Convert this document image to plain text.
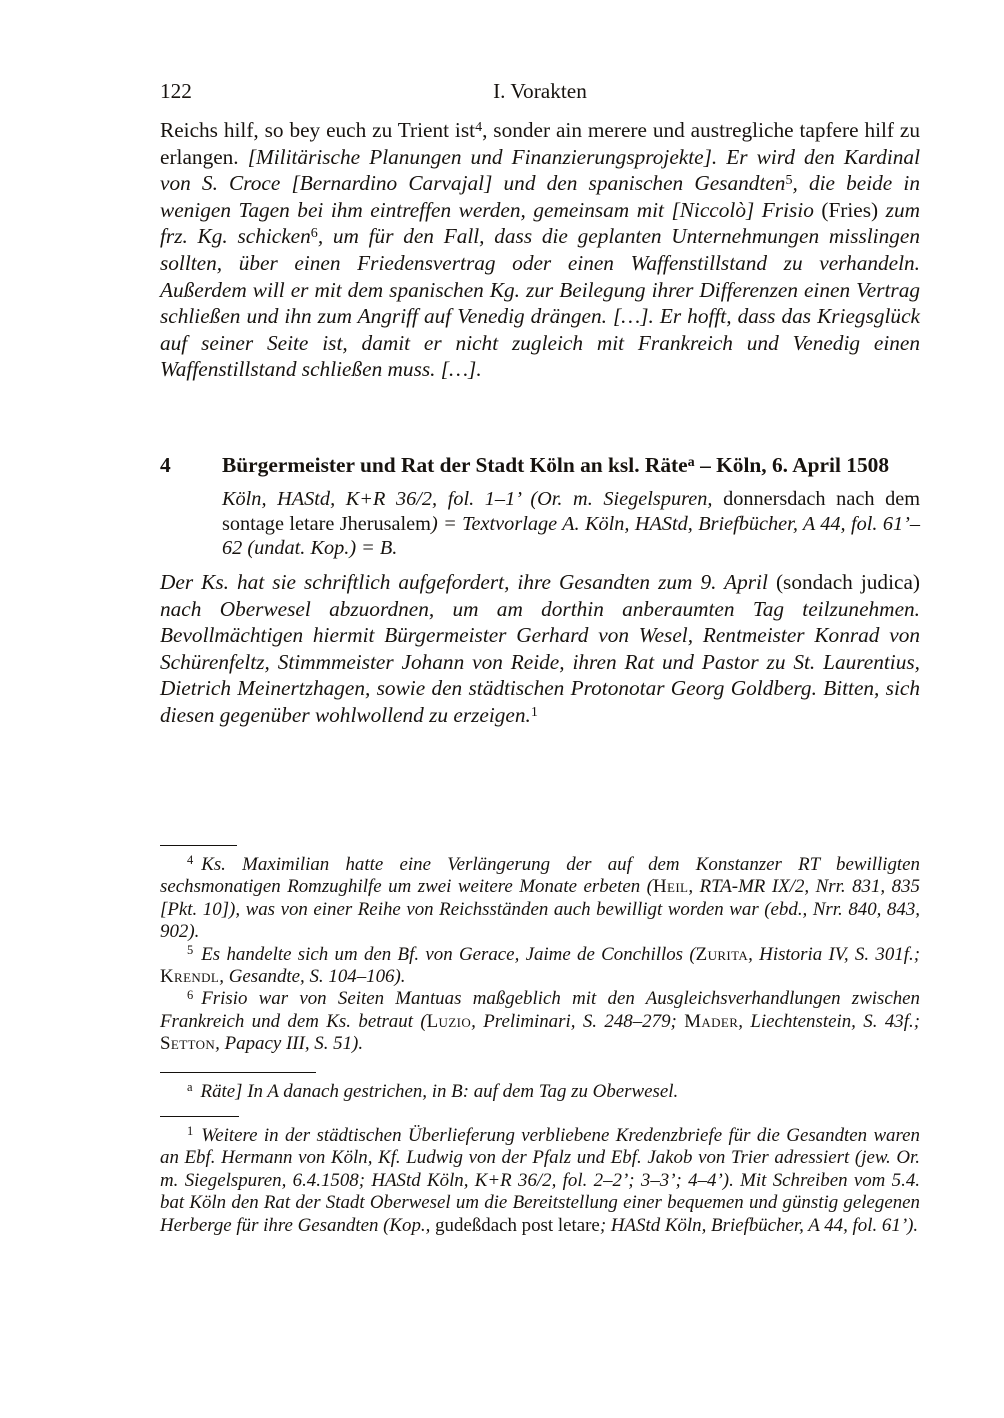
122	I. Vorakten

Reichs hilf, so bey euch zu Trient ist$^4$, sonder ain merere und austregliche tapfere hilf zu erlangen. [Militärische Planungen und Finanzierungsprojekte]. Er wird den Kardinal von S. Croce [Bernardino Carvajal] und den spanischen Gesandten$^5$, die beide in wenigen Tagen bei ihm eintreffen werden, gemeinsam mit [Niccolò] Frisio (Fries) zum frz. Kg. schicken$^6$, um für den Fall, dass die geplanten Unternehmungen misslingen sollten, über einen Friedensvertrag oder einen Waffenstillstand zu verhandeln. Außerdem will er mit dem spanischen Kg. zur Beilegung ihrer Differenzen einen Vertrag schließen und ihn zum Angriff auf Venedig drängen. […]. Er hofft, dass das Kriegsglück auf seiner Seite ist, damit er nicht zugleich mit Frankreich und Venedig einen Waffenstillstand schließen muss. […].

4 Bürgermeister und Rat der Stadt Köln an ksl. Räte$^a$ – Köln, 6. April 1508

Köln, HAStd, K+R 36/2, fol. 1–1’ (Or. m. Siegelspuren, donnersdach nach dem sontage letare Jherusalem) = Textvorlage A. Köln, HAStd, Briefbücher, A 44, fol. 61’–62 (undat. Kop.) = B.

Der Ks. hat sie schriftlich aufgefordert, ihre Gesandten zum 9. April (sondach judica) nach Oberwesel abzuordnen, um am dorthin anberaumten Tag teilzunehmen. Bevollmächtigen hiermit Bürgermeister Gerhard von Wesel, Rentmeister Konrad von Schürenfeltz, Stimmmeister Johann von Reide, ihren Rat und Pastor zu St. Laurentius, Dietrich Meinertzhagen, sowie den städtischen Protonotar Georg Goldberg. Bitten, sich diesen gegenüber wohlwollend zu erzeigen.$^1$

$^4$ Ks. Maximilian hatte eine Verlängerung der auf dem Konstanzer RT bewilligten sechsmonatigen Romzughilfe um zwei weitere Monate erbeten (Heil, RTA-MR IX/2, Nrr. 831, 835 [Pkt. 10]), was von einer Reihe von Reichsständen auch bewilligt worden war (ebd., Nrr. 840, 843, 902).

$^5$ Es handelte sich um den Bf. von Gerace, Jaime de Conchillos (Zurita, Historia IV, S. 301f.; Krendl, Gesandte, S. 104–106).

$^6$ Frisio war von Seiten Mantuas maßgeblich mit den Ausgleichsverhandlungen zwischen Frankreich und dem Ks. betraut (Luzio, Preliminari, S. 248–279; Mader, Liechtenstein, S. 43f.; Setton, Papacy III, S. 51).

$^a$ Räte] In A danach gestrichen, in B: auf dem Tag zu Oberwesel.

$^1$ Weitere in der städtischen Überlieferung verbliebene Kredenzbriefe für die Gesandten waren an Ebf. Hermann von Köln, Kf. Ludwig von der Pfalz und Ebf. Jakob von Trier adressiert (jew. Or. m. Siegelspuren, 6.4.1508; HAStd Köln, K+R 36/2, fol. 2–2’; 3–3’; 4–4’). Mit Schreiben vom 5.4. bat Köln den Rat der Stadt Oberwesel um die Bereitstellung einer bequemen und günstig gelegenen Herberge für ihre Gesandten (Kop., gudeßdach post letare; HAStd Köln, Briefbücher, A 44, fol. 61’).
